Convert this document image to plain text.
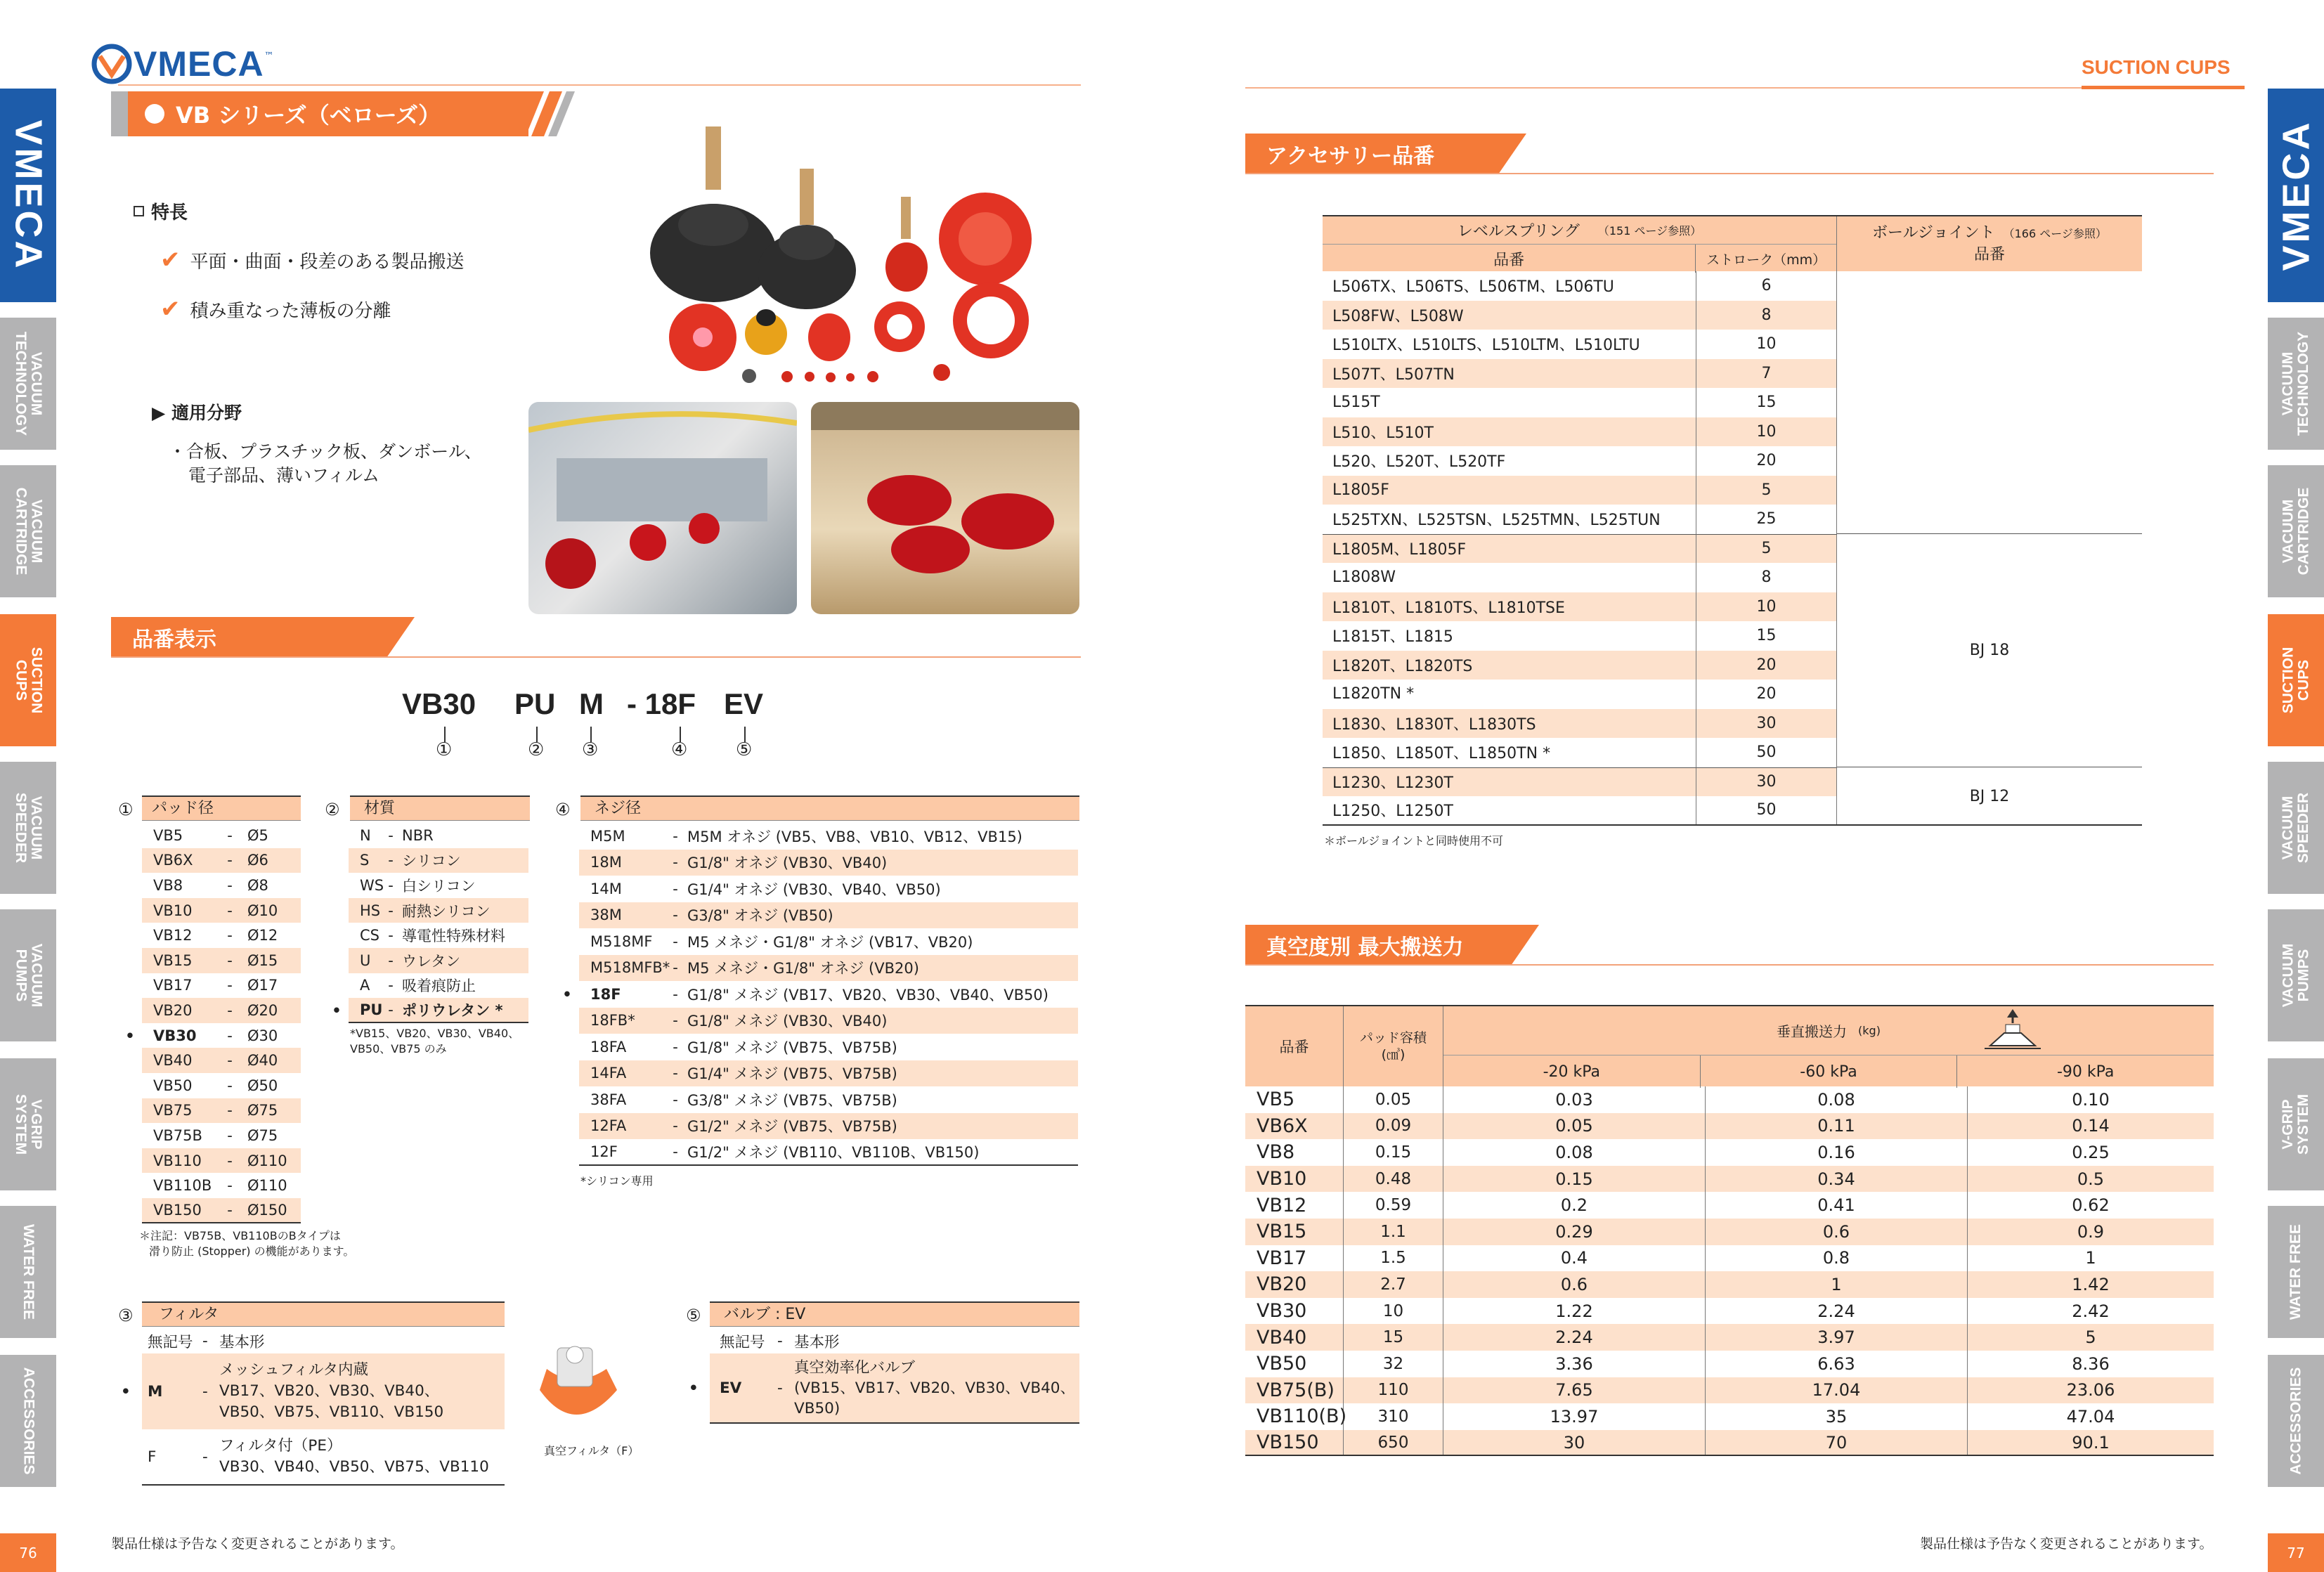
VMECA
VACUUM
TECHNOLOGY
VACUUM
CARTRIDGE
SUCTION
CUPS
VACUUM
SPEEDER
VACUUM
PUMPS
V-GRIP
SYSTEM
WATER FREE
ACCESSORIES
VMECA
VACUUM
TECHNOLOGY
VACUUM
CARTRIDGE
SUCTION
CUPS
VACUUM
SPEEDER
VACUUM
PUMPS
V-GRIP
SYSTEM
WATER FREE
ACCESSORIES
VMECA ™	SUCTION CUPS
VB シリーズ（ベローズ）
特長
✔ 平面・曲面・段差のある製品搬送
✔ 積み重なった薄板の分離
▶ 適用分野
・合板、プラスチック板、ダンボール、
電子部品、薄いフィルム
品番表示
VB30 PU M - 18F EV
①	② ③	④	⑤
①	パッド径
VB5	-	Ø5
VB6X	-	Ø6
VB8	-	Ø8
VB10	-	Ø10
VB12	-	Ø12
VB15	-	Ø15
VB17	-	Ø17
VB20	-	Ø20
•	VB30	-	Ø30
VB40	-	Ø40
VB50	-	Ø50
VB75	-	Ø75
VB75B	-	Ø75
VB110	-	Ø110
VB110B	-	Ø110
VB150	-	Ø150
＊注記：VB75B、VB110BのBタイプは
滑り防止 (Stopper) の機能があります。
②	材質
N	- NBR
S	- シリコン
WS - 白シリコン
HS - 耐熱シリコン
CS - 導電性特殊材料
U	- ウレタン
A	- 吸着痕防止
•	PU - ポリウレタン *
*VB15、VB20、VB30、VB40、
VB50、VB75 のみ
④	ネジ径
M5M	- M5M オネジ (VB5、VB8、VB10、VB12、VB15)
18M	- G1/8" オネジ (VB30、VB40)
14M	- G1/4" オネジ (VB30、VB40、VB50)
38M	- G3/8" オネジ (VB50)
M518MF	- M5 メネジ・G1/8" オネジ (VB17、VB20)
M518MFB* - M5 メネジ・G1/8" オネジ (VB20)
•	18F	- G1/8" メネジ (VB17、VB20、VB30、VB40、VB50)
18FB*	- G1/8" メネジ (VB30、VB40)
18FA	- G1/8" メネジ (VB75、VB75B)
14FA	- G1/4" メネジ (VB75、VB75B)
38FA	- G3/8" メネジ (VB75、VB75B)
12FA	- G1/2" メネジ (VB75、VB75B)
12F	- G1/2" メネジ (VB110、VB110B、VB150)
*シリコン専用
③	フィルタ
無記号 - 基本形
•	M	-
メッシュフィルタ内蔵
VB17、VB20、VB30、VB40、
VB50、VB75、VB110、VB150
F	-
フィルタ付（PE）
VB30、VB40、VB50、VB75、VB110
真空フィルタ（F）
⑤	バルブ : EV
無記号 - 基本形
•	EV	-
真空効率化バルブ
(VB15、VB17、VB20、VB30、VB40、
VB50)
76
製品仕様は予告なく変更されることがあります。
77
製品仕様は予告なく変更されることがあります。
アクセサリー品番
レベルスプリング （151 ページ参照）
品番	ストローク（mm）
ボールジョイント （166 ページ参照）
品番
L506TX、L506TS、L506TM、L506TU	6
L508FW、L508W	8
L510LTX、L510LTS、L510LTM、L510LTU	10
L507T、L507TN	7
L515T	15
L510、L510T	10
L520、L520T、L520TF	20
L1805F	5
L525TXN、L525TSN、L525TMN、L525TUN	25
L1805M、L1805F	5
L1808W	8
L1810T、L1810TS、L1810TSE	10
L1815T、L1815	15
L1820T、L1820TS	20
L1820TN *	20
L1830、L1830T、L1830TS	30
L1850、L1850T、L1850TN *	50
L1230、L1230T	30
L1250、L1250T	50
BJ 18
BJ 12
＊ボールジョイントと同時使用不可
真空度別 最大搬送力
品番
パッド容積
(㎤)
垂直搬送力 (kg)
-20 kPa	-60 kPa	-90 kPa
VB5	0.05	0.03	0.08	0.10
VB6X	0.09	0.05	0.11	0.14
VB8	0.15	0.08	0.16	0.25
VB10	0.48	0.15	0.34	0.5
VB12	0.59	0.2	0.41	0.62
VB15	1.1	0.29	0.6	0.9
VB17	1.5	0.4	0.8	1
VB20	2.7	0.6	1	1.42
VB30	10	1.22	2.24	2.42
VB40	15	2.24	3.97	5
VB50	32	3.36	6.63	8.36
VB75(B)	110	7.65	17.04	23.06
VB110(B)	310	13.97	35	47.04
VB150	650	30	70	90.1
